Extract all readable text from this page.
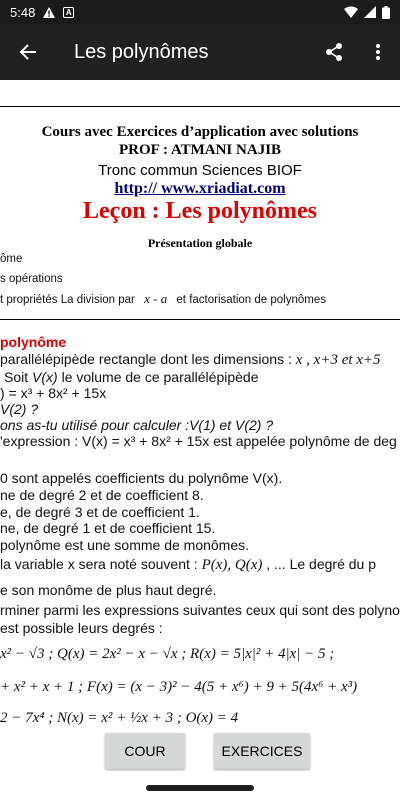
5:48	A
Les polynômes
Cours avec Exercices d’application avec solutions
PROF : ATMANI NAJIB
Tronc commun Sciences BIOF
http:// www.xriadiat.com
Leçon : Les polynômes
Présentation globale
ôme
s opérations
t propriétés La division par x - a et factorisation de polynômes
polynôme
parallélépipède rectangle dont les dimensions : x , x+3 et x+5
Soit V(x) le volume de ce parallélépipède
) = x³ + 8x² + 15x
V(2) ?
ons as-tu utilisé pour calculer :V(1) et V(2) ?
'expression : V(x) = x³ + 8x² + 15x est appelée polynôme de deg
0 sont appelés coefficients du polynôme V(x).
ne de degré 2 et de coefficient 8.
e, de degré 3 et de coefficient 1.
ne, de degré 1 et de coefficient 15.
polynôme est une somme de monômes.
la variable x sera noté souvent : P(x), Q(x) , ... Le degré du p
e son monôme de plus haut degré.
rminer parmi les expressions suivantes ceux qui sont des polyno
est possible leurs degrés :
x² − √3 ; Q(x) = 2x² − x − √x ; R(x) = 5|x|² + 4|x| − 5 ;
+ x² + x + 1 ; F(x) = (x − 3)² − 4(5 + x⁶) + 9 + 5(4x⁶ + x³)
2 − 7x⁴ ; N(x) = x² + ½x + 3 ; O(x) = 4
COUR	EXERCICES
